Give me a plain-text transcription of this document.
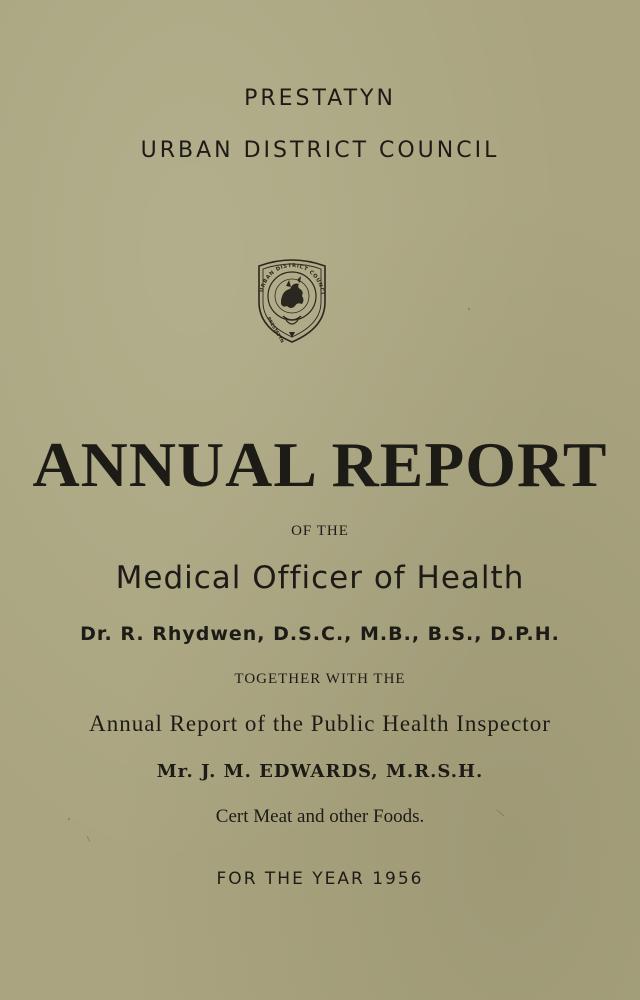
PRESTATYN
URBAN DISTRICT COUNCIL
URBAN DISTRICT COUNCI
PRESTATYN
ANNUAL REPORT
OF THE
Medical Officer of Health
Dr. R. Rhydwen, D.S.C., M.B., B.S., D.P.H.
TOGETHER WITH THE
Annual Report of the Public Health Inspector
Mr. J. M. EDWARDS, M.R.S.H.
Cert Meat and other Foods.
FOR THE YEAR 1956
